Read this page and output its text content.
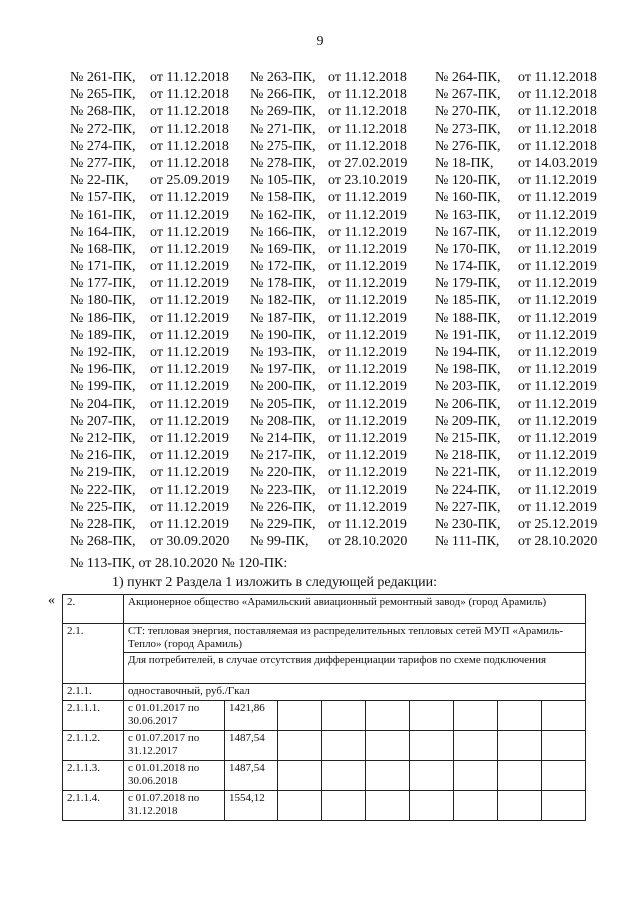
9
№ 261-ПК, от 11.12.2018 № 263-ПК, от 11.12.2018 № 264-ПК, от 11.12.2018
№ 265-ПК, от 11.12.2018 № 266-ПК, от 11.12.2018 № 267-ПК, от 11.12.2018
№ 268-ПК, от 11.12.2018 № 269-ПК, от 11.12.2018 № 270-ПК, от 11.12.2018
№ 272-ПК, от 11.12.2018 № 271-ПК, от 11.12.2018 № 273-ПК, от 11.12.2018
№ 274-ПК, от 11.12.2018 № 275-ПК, от 11.12.2018 № 276-ПК, от 11.12.2018
№ 277-ПК, от 11.12.2018 № 278-ПК, от 27.02.2019 № 18-ПК, от 14.03.2019
№ 22-ПК, от 25.09.2019 № 105-ПК, от 23.10.2019 № 120-ПК, от 11.12.2019
№ 157-ПК, от 11.12.2019 № 158-ПК, от 11.12.2019 № 160-ПК, от 11.12.2019
№ 161-ПК, от 11.12.2019 № 162-ПК, от 11.12.2019 № 163-ПК, от 11.12.2019
№ 164-ПК, от 11.12.2019 № 166-ПК, от 11.12.2019 № 167-ПК, от 11.12.2019
№ 168-ПК, от 11.12.2019 № 169-ПК, от 11.12.2019 № 170-ПК, от 11.12.2019
№ 171-ПК, от 11.12.2019 № 172-ПК, от 11.12.2019 № 174-ПК, от 11.12.2019
№ 177-ПК, от 11.12.2019 № 178-ПК, от 11.12.2019 № 179-ПК, от 11.12.2019
№ 180-ПК, от 11.12.2019 № 182-ПК, от 11.12.2019 № 185-ПК, от 11.12.2019
№ 186-ПК, от 11.12.2019 № 187-ПК, от 11.12.2019 № 188-ПК, от 11.12.2019
№ 189-ПК, от 11.12.2019 № 190-ПК, от 11.12.2019 № 191-ПК, от 11.12.2019
№ 192-ПК, от 11.12.2019 № 193-ПК, от 11.12.2019 № 194-ПК, от 11.12.2019
№ 196-ПК, от 11.12.2019 № 197-ПК, от 11.12.2019 № 198-ПК, от 11.12.2019
№ 199-ПК, от 11.12.2019 № 200-ПК, от 11.12.2019 № 203-ПК, от 11.12.2019
№ 204-ПК, от 11.12.2019 № 205-ПК, от 11.12.2019 № 206-ПК, от 11.12.2019
№ 207-ПК, от 11.12.2019 № 208-ПК, от 11.12.2019 № 209-ПК, от 11.12.2019
№ 212-ПК, от 11.12.2019 № 214-ПК, от 11.12.2019 № 215-ПК, от 11.12.2019
№ 216-ПК, от 11.12.2019 № 217-ПК, от 11.12.2019 № 218-ПК, от 11.12.2019
№ 219-ПК, от 11.12.2019 № 220-ПК, от 11.12.2019 № 221-ПК, от 11.12.2019
№ 222-ПК, от 11.12.2019 № 223-ПК, от 11.12.2019 № 224-ПК, от 11.12.2019
№ 225-ПК, от 11.12.2019 № 226-ПК, от 11.12.2019 № 227-ПК, от 11.12.2019
№ 228-ПК, от 11.12.2019 № 229-ПК, от 11.12.2019 № 230-ПК, от 25.12.2019
№ 268-ПК, от 30.09.2020 № 99-ПК, от 28.10.2020 № 111-ПК, от 28.10.2020
№ 113-ПК, от 28.10.2020 № 120-ПК:
1) пункт 2 Раздела 1 изложить в следующей редакции:
« 2.	Акционерное общество «Арамильский авиационный ремонтный завод» (город Арамиль)								
2.1.	СТ: тепловая энергия, поставляемая из распределительных тепловых сетей МУП «Арамиль-Тепло» (город Арамиль)								
	Для потребителей, в случае отсутствия дифференциации тарифов по схеме подключения								
2.1.1.	одноставочный, руб./Гкал								
2.1.1.1.	с 01.01.2017 по 30.06.2017	1421,86							
2.1.1.2.	с 01.07.2017 по 31.12.2017	1487,54							
2.1.1.3.	с 01.01.2018 по 30.06.2018	1487,54							
2.1.1.4.	с 01.07.2018 по 31.12.2018	1554,12							
